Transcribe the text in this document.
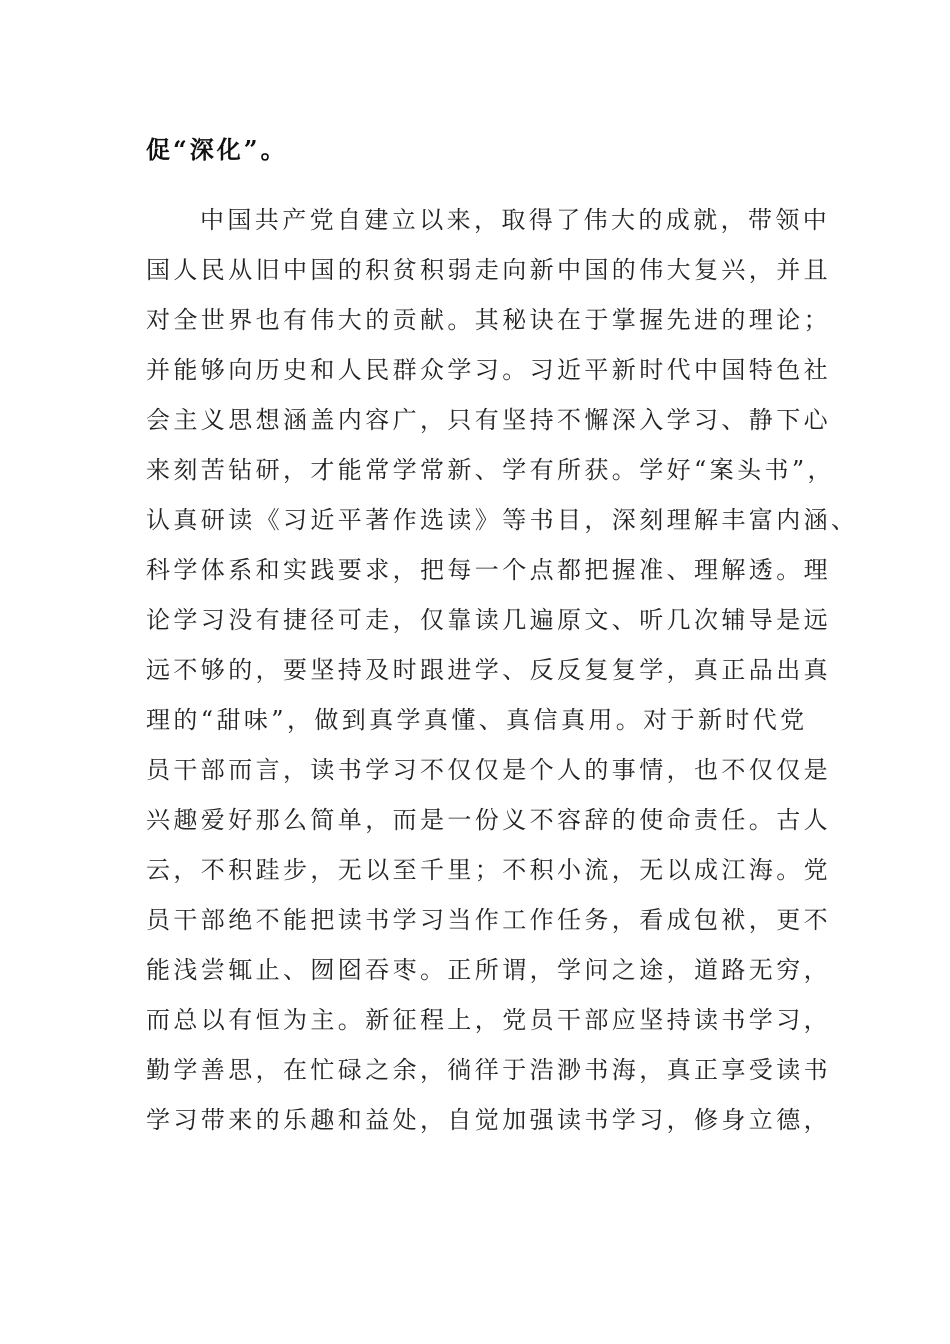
促“深化”。
中国共产党自建立以来，取得了伟大的成就，带领中
国人民从旧中国的积贫积弱走向新中国的伟大复兴，并且
对全世界也有伟大的贡献。其秘诀在于掌握先进的理论；
并能够向历史和人民群众学习。习近平新时代中国特色社
会主义思想涵盖内容广，只有坚持不懈深入学习、静下心
来刻苦钻研，才能常学常新、学有所获。学好“案头书”，
认真研读《习近平著作选读》等书目，深刻理解丰富内涵、
科学体系和实践要求，把每一个点都把握准、理解透。理
论学习没有捷径可走，仅靠读几遍原文、听几次辅导是远
远不够的，要坚持及时跟进学、反反复复学，真正品出真
理的“甜味”，做到真学真懂、真信真用。对于新时代党
员干部而言，读书学习不仅仅是个人的事情，也不仅仅是
兴趣爱好那么简单，而是一份义不容辞的使命责任。古人
云，不积跬步，无以至千里；不积小流，无以成江海。党
员干部绝不能把读书学习当作工作任务，看成包袱，更不
能浅尝辄止、囫囵吞枣。正所谓，学问之途，道路无穷，
而总以有恒为主。新征程上，党员干部应坚持读书学习，
勤学善思，在忙碌之余，徜徉于浩渺书海，真正享受读书
学习带来的乐趣和益处，自觉加强读书学习，修身立德，
